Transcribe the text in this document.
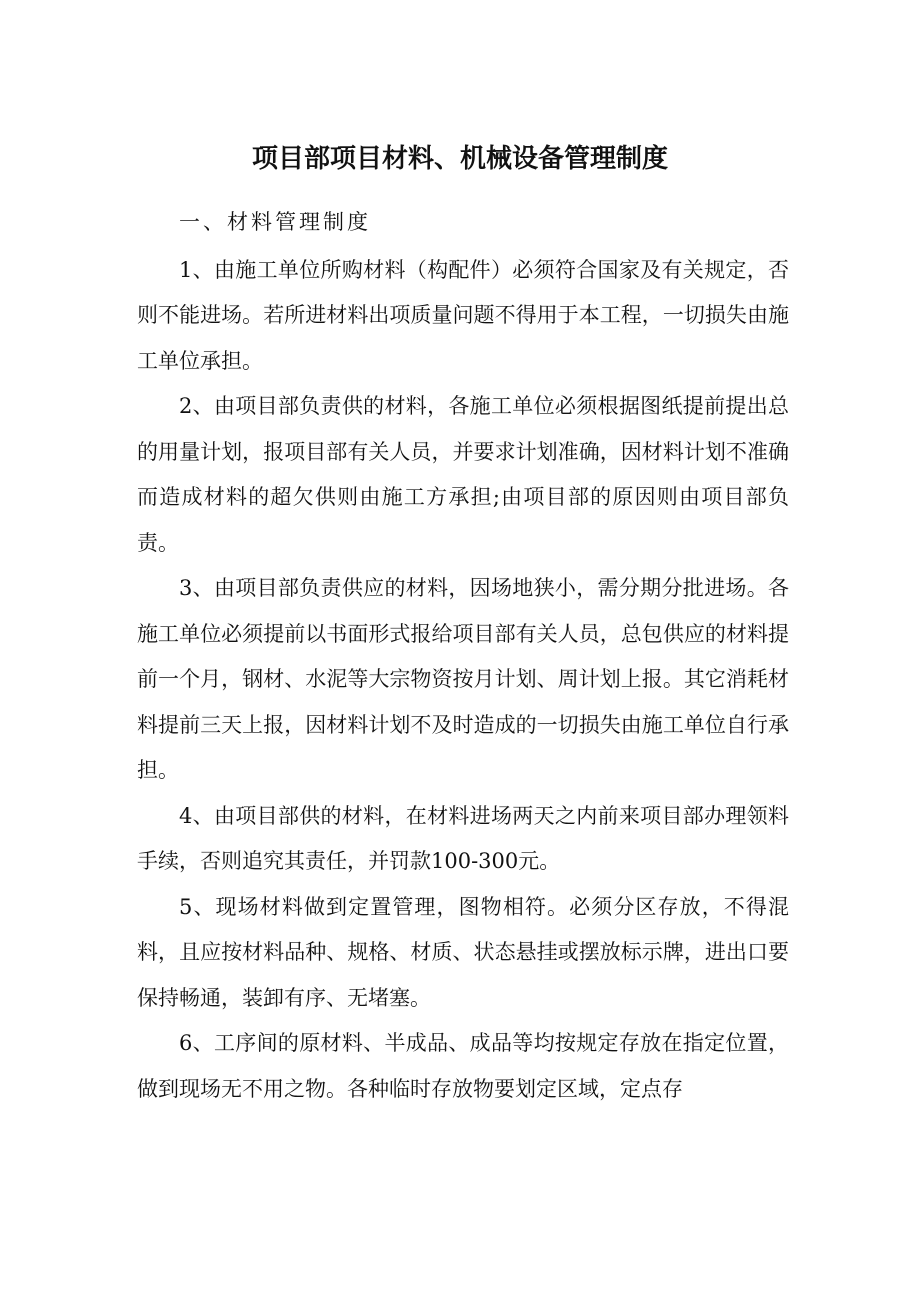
项目部项目材料、机械设备管理制度

一、材料管理制度

1、由施工单位所购材料（构配件）必须符合国家及有关规定，否则不能进场。若所进材料出项质量问题不得用于本工程，一切损失由施工单位承担。

2、由项目部负责供的材料，各施工单位必须根据图纸提前提出总的用量计划，报项目部有关人员，并要求计划准确，因材料计划不准确而造成材料的超欠供则由施工方承担;由项目部的原因则由项目部负责。

3、由项目部负责供应的材料，因场地狭小，需分期分批进场。各施工单位必须提前以书面形式报给项目部有关人员，总包供应的材料提前一个月，钢材、水泥等大宗物资按月计划、周计划上报。其它消耗材料提前三天上报，因材料计划不及时造成的一切损失由施工单位自行承担。

4、由项目部供的材料，在材料进场两天之内前来项目部办理领料手续，否则追究其责任，并罚款100-300元。

5、现场材料做到定置管理，图物相符。必须分区存放，不得混料，且应按材料品种、规格、材质、状态悬挂或摆放标示牌，进出口要保持畅通，装卸有序、无堵塞。

6、工序间的原材料、半成品、成品等均按规定存放在指定位置，做到现场无不用之物。各种临时存放物要划定区域，定点存
